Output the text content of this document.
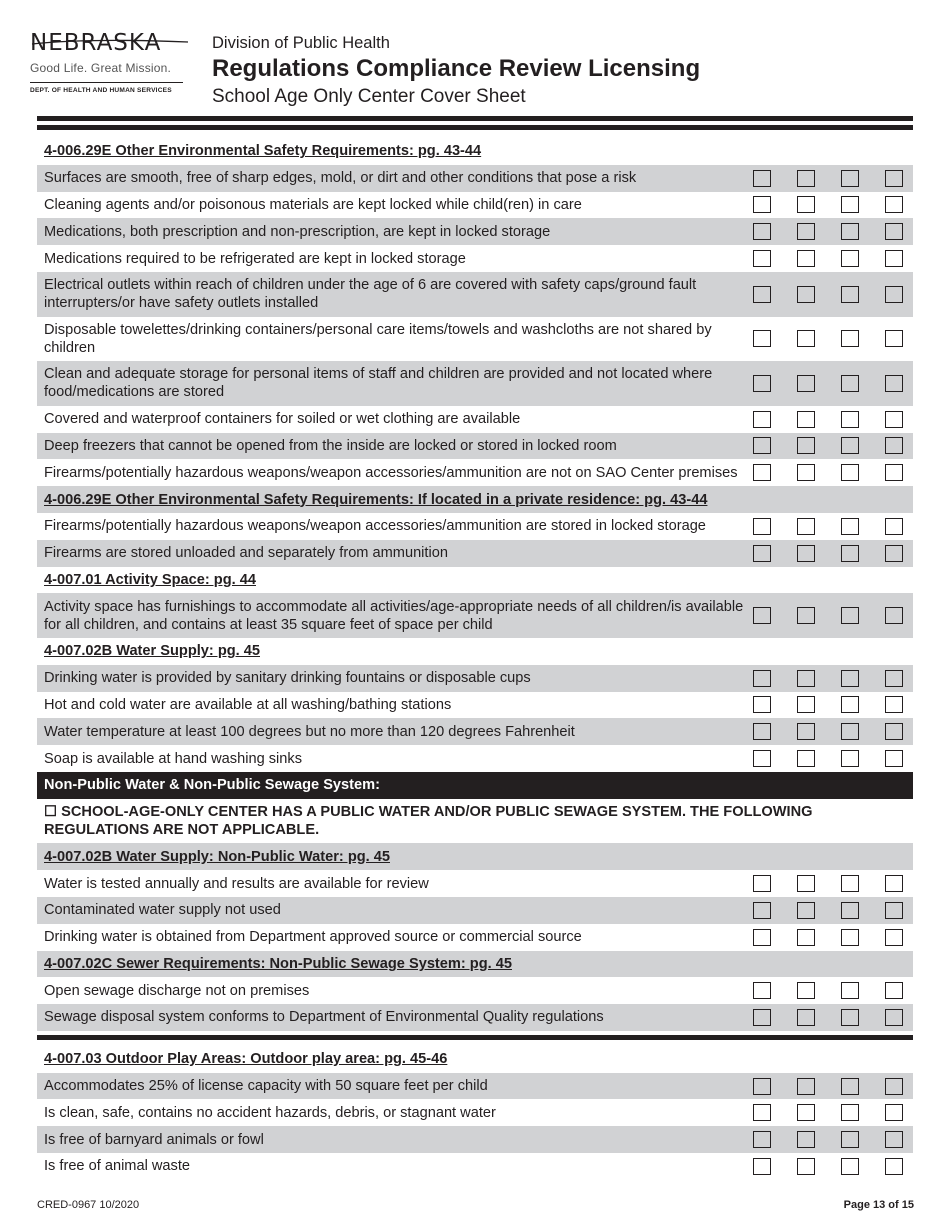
NEBRASKA
Good Life. Great Mission.
DEPT. OF HEALTH AND HUMAN SERVICES
Division of Public Health
Regulations Compliance Review Licensing
School Age Only Center Cover Sheet
4-006.29E Other Environmental Safety Requirements: pg. 43-44
Surfaces are smooth, free of sharp edges, mold, or dirt and other conditions that pose a risk
Cleaning agents and/or poisonous materials are kept locked while child(ren) in care
Medications, both prescription and non-prescription, are kept in locked storage
Medications required to be refrigerated are kept in locked storage
Electrical outlets within reach of children under the age of 6 are covered with safety caps/ground fault interrupters/or have safety outlets installed
Disposable towelettes/drinking containers/personal care items/towels and washcloths are not shared by children
Clean and adequate storage for personal items of staff and children are provided and not located where food/medications are stored
Covered and waterproof containers for soiled or wet clothing are available
Deep freezers that cannot be opened from the inside are locked or stored in locked room
Firearms/potentially hazardous weapons/weapon accessories/ammunition are not on SAO Center premises
4-006.29E Other Environmental Safety Requirements: If located in a private residence: pg. 43-44
Firearms/potentially hazardous weapons/weapon accessories/ammunition are stored in locked storage
Firearms are stored unloaded and separately from ammunition
4-007.01 Activity Space: pg. 44
Activity space has furnishings to accommodate all activities/age-appropriate needs of all children/is available for all children, and contains at least 35 square feet of space per child
4-007.02B Water Supply: pg. 45
Drinking water is provided by sanitary drinking fountains or disposable cups
Hot and cold water are available at all washing/bathing stations
Water temperature at least 100 degrees but no more than 120 degrees Fahrenheit
Soap is available at hand washing sinks
Non-Public Water & Non-Public Sewage System:
☐ SCHOOL-AGE-ONLY CENTER HAS A PUBLIC WATER AND/OR PUBLIC SEWAGE SYSTEM. THE FOLLOWING REGULATIONS ARE NOT APPLICABLE.
4-007.02B Water Supply: Non-Public Water: pg. 45
Water is tested annually and results are available for review
Contaminated water supply not used
Drinking water is obtained from Department approved source or commercial source
4-007.02C Sewer Requirements: Non-Public Sewage System: pg. 45
Open sewage discharge not on premises
Sewage disposal system conforms to Department of Environmental Quality regulations
4-007.03 Outdoor Play Areas: Outdoor play area: pg. 45-46
Accommodates 25% of license capacity with 50 square feet per child
Is clean, safe, contains no accident hazards, debris, or stagnant water
Is free of barnyard animals or fowl
Is free of animal waste
CRED-0967 10/2020	Page 13 of 15
